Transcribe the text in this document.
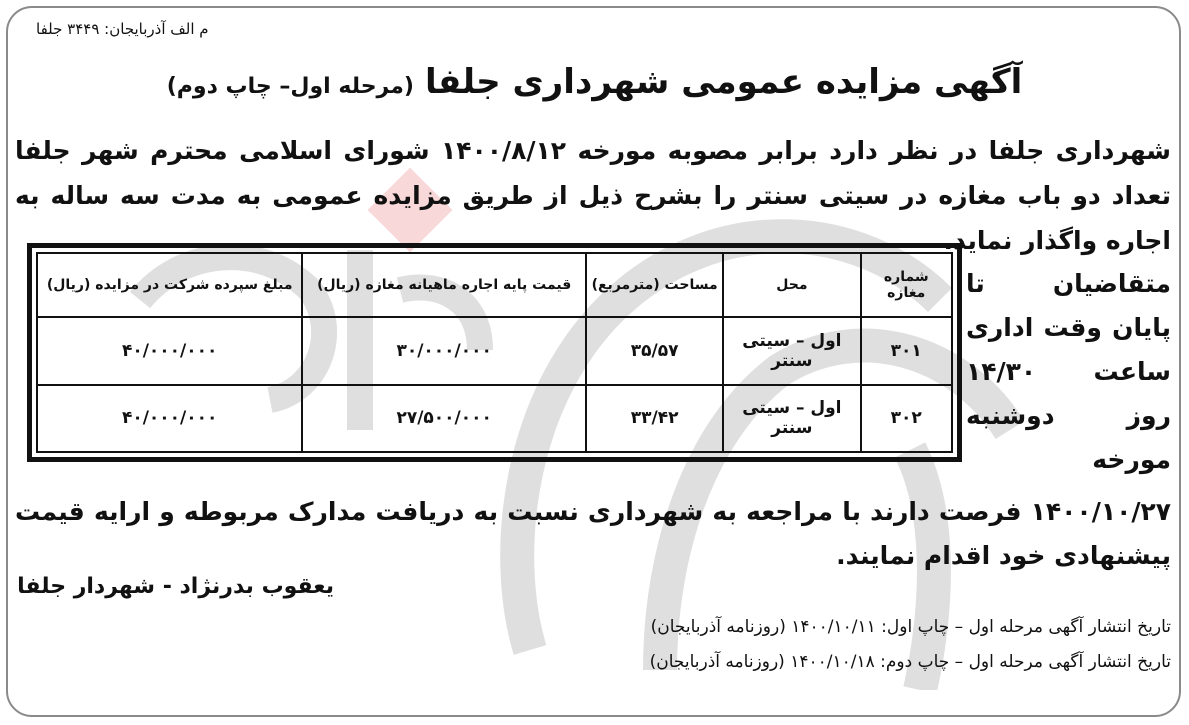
م الف آذربایجان: ۳۴۴۹ جلفا
آگهی مزایده عمومی شهرداری جلفا (مرحله اول– چاپ دوم)
شهرداری جلفا در نظر دارد برابر مصوبه مورخه ۱۴۰۰/۸/۱۲ شورای اسلامی محترم شهر جلفا تعداد دو باب مغازه در سیتی سنتر را بشرح ذیل از طریق مزایده عمومی به مدت سه ساله به اجاره واگذار نماید.
متقاضیان تا پایان وقت اداری ساعت ۱۴/۳۰ روز دوشنبه مورخه
شماره مغازه	محل	مساحت (مترمربع)	قیمت پایه اجاره ماهیانه مغازه (ریال)	مبلغ سپرده شرکت در مزایده (ریال)
۳۰۱	اول – سیتی سنتر	۳۵/۵۷	۳۰/۰۰۰/۰۰۰	۴۰/۰۰۰/۰۰۰
۳۰۲	اول – سیتی سنتر	۳۳/۴۲	۲۷/۵۰۰/۰۰۰	۴۰/۰۰۰/۰۰۰
۱۴۰۰/۱۰/۲۷ فرصت دارند با مراجعه به شهرداری نسبت به دریافت مدارک مربوطه و ارایه قیمت پیشنهادی خود اقدام نمایند.
یعقوب بدرنژاد - شهردار جلفا
تاریخ انتشار آگهی مرحله اول – چاپ اول: ۱۴۰۰/۱۰/۱۱ (روزنامه آذربایجان)
تاریخ انتشار آگهی مرحله اول – چاپ دوم: ۱۴۰۰/۱۰/۱۸ (روزنامه آذربایجان)
